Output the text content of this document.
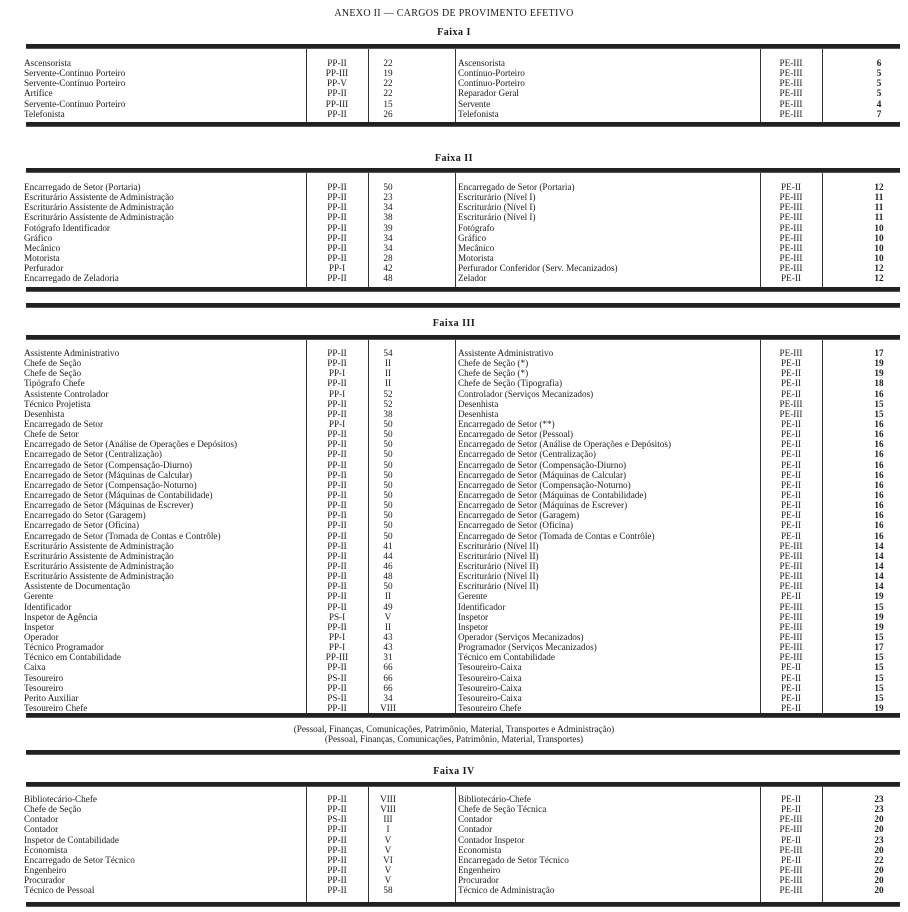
ANEXO II — CARGOS DE PROVIMENTO EFETIVO
Faixa I
Ascensorista	PP-II	22	Ascensorista	PE-III	6
Servente-Contínuo Porteiro	PP-III	19	Contínuo-Porteiro	PE-III	5
Servente-Contínuo Porteiro	PP-V	22	Contínuo-Porteiro	PE-III	5
Artífice	PP-II	22	Reparador Geral	PE-III	5
Servente-Contínuo Porteiro	PP-III	15	Servente	PE-III	4
Telefonista	PP-II	26	Telefonista	PE-III	7
Faixa II
Encarregado de Setor (Portaria)	PP-II	50	Encarregado de Setor (Portaria)	PE-II	12
Escriturário Assistente de Administração	PP-II	23	Escriturário (Nível I)	PE-III	11
Escriturário Assistente de Administração	PP-II	34	Escriturário (Nível I)	PE-III	11
Escriturário Assistente de Administração	PP-II	38	Escriturário (Nível I)	PE-III	11
Fotógrafo Identificador	PP-II	39	Fotógrafo	PE-III	10
Gráfico	PP-II	34	Gráfico	PE-III	10
Mecânico	PP-II	34	Mecânico	PE-III	10
Motorista	PP-II	28	Motorista	PE-III	10
Perfurador	PP-I	42	Perfurador Conferidor (Serv. Mecanizados)	PE-III	12
Encarregado de Zeladoria	PP-II	48	Zelador	PE-II	12
Faixa III
Assistente Administrativo	PP-II	54	Assistente Administrativo	PE-III	17
Chefe de Seção	PP-II	II	Chefe de Seção (*)	PE-II	19
Chefe de Seção	PP-I	II	Chefe de Seção (*)	PE-II	19
Tipógrafo Chefe	PP-II	II	Chefe de Seção (Tipografia)	PE-II	18
Assistente Controlador	PP-I	52	Controlador (Serviços Mecanizados)	PE-II	16
Técnico Projetista	PP-II	52	Desenhista	PE-III	15
Desenhista	PP-II	38	Desenhista	PE-III	15
Encarregado de Setor	PP-I	50	Encarregado de Setor (**)	PE-II	16
Chefe de Setor	PP-II	50	Encarregado de Setor (Pessoal)	PE-II	16
Encarregado de Setor (Análise de Operações e Depósitos)	PP-II	50	Encarregado de Setor (Análise de Operações e Depósitos)	PE-II	16
Encarregado de Setor (Centralização)	PP-II	50	Encarregado de Setor (Centralização)	PE-II	16
Encarregado de Setor (Compensação-Diurno)	PP-II	50	Encarregado de Setor (Compensação-Diurno)	PE-II	16
Encarregado de Setor (Máquinas de Calcular)	PP-II	50	Encarregado de Setor (Máquinas de Calcular)	PE-II	16
Encarregado de Setor (Compensação-Noturno)	PP-II	50	Encarregado de Setor (Compensação-Noturno)	PE-II	16
Encarregado de Setor (Máquinas de Contabilidade)	PP-II	50	Encarregado de Setor (Máquinas de Contabilidade)	PE-II	16
Encarregado de Setor (Máquinas de Escrever)	PP-II	50	Encarregado de Setor (Máquinas de Escrever)	PE-II	16
Encarregado do Setor (Garagem)	PP-II	50	Encarregado de Setor (Garagem)	PE-II	16
Encarregado de Setor (Oficina)	PP-II	50	Encarregado de Setor (Oficina)	PE-II	16
Encarregado de Setor (Tomada de Contas e Contrôle)	PP-II	50	Encarregado de Setor (Tomada de Contas e Contrôle)	PE-II	16
Escriturário Assistente de Administração	PP-II	41	Escriturário (Nível II)	PE-III	14
Escriturário Assistente de Administração	PP-II	44	Escriturário (Nível II)	PE-III	14
Escriturário Assistente de Administração	PP-II	46	Escriturário (Nível II)	PE-III	14
Escriturário Assistente de Administração	PP-II	48	Escriturário (Nível II)	PE-III	14
Assistente de Documentação	PP-II	50	Escriturário (Nível II)	PE-III	14
Gerente	PP-II	II	Gerente	PE-II	19
Identificador	PP-II	49	Identificador	PE-III	15
Inspetor de Agência	PS-I	V	Inspetor	PE-III	19
Inspetor	PP-II	II	Inspetor	PE-III	19
Operador	PP-I	43	Operador (Serviços Mecanizados)	PE-III	15
Técnico Programador	PP-I	43	Programador (Serviços Mecanizados)	PE-III	17
Técnico em Contabilidade	PP-III	31	Técnico em Contabilidade	PE-III	15
Caixa	PP-II	66	Tesoureiro-Caixa	PE-II	15
Tesoureiro	PS-II	66	Tesoureiro-Caixa	PE-II	15
Tesoureiro	PP-II	66	Tesoureiro-Caixa	PE-II	15
Perito Auxiliar	PS-II	34	Tesoureiro-Caixa	PE-II	15
Tesoureiro Chefe	PP-II	VIII	Tesoureiro Chefe	PE-II	19
Faixa IV
Bibliotecário-Chefe	PP-II	VIII	Bibliotecário-Chefe	PE-II	23
Chefe de Seção	PP-II	VIII	Chefe de Seção Técnica	PE-II	23
Contador	PS-II	III	Contador	PE-III	20
Contador	PP-II	I	Contador	PE-III	20
Inspetor de Contabilidade	PP-II	V	Contador Inspetor	PE-II	23
Economista	PP-II	V	Economista	PE-III	20
Encarregado de Setor Técnico	PP-II	VI	Encarregado de Setor Técnico	PE-II	22
Engenheiro	PP-II	V	Engenheiro	PE-III	20
Procurador	PP-II	V	Procurador	PE-III	20
Técnico de Pessoal	PP-II	58	Técnico de Administração	PE-III	20
(Pessoal, Finanças, Comunicações, Patrimônio, Material, Transportes e Administração)
(Pessoal, Finanças, Comunicações, Patrimônio, Material, Transportes)
